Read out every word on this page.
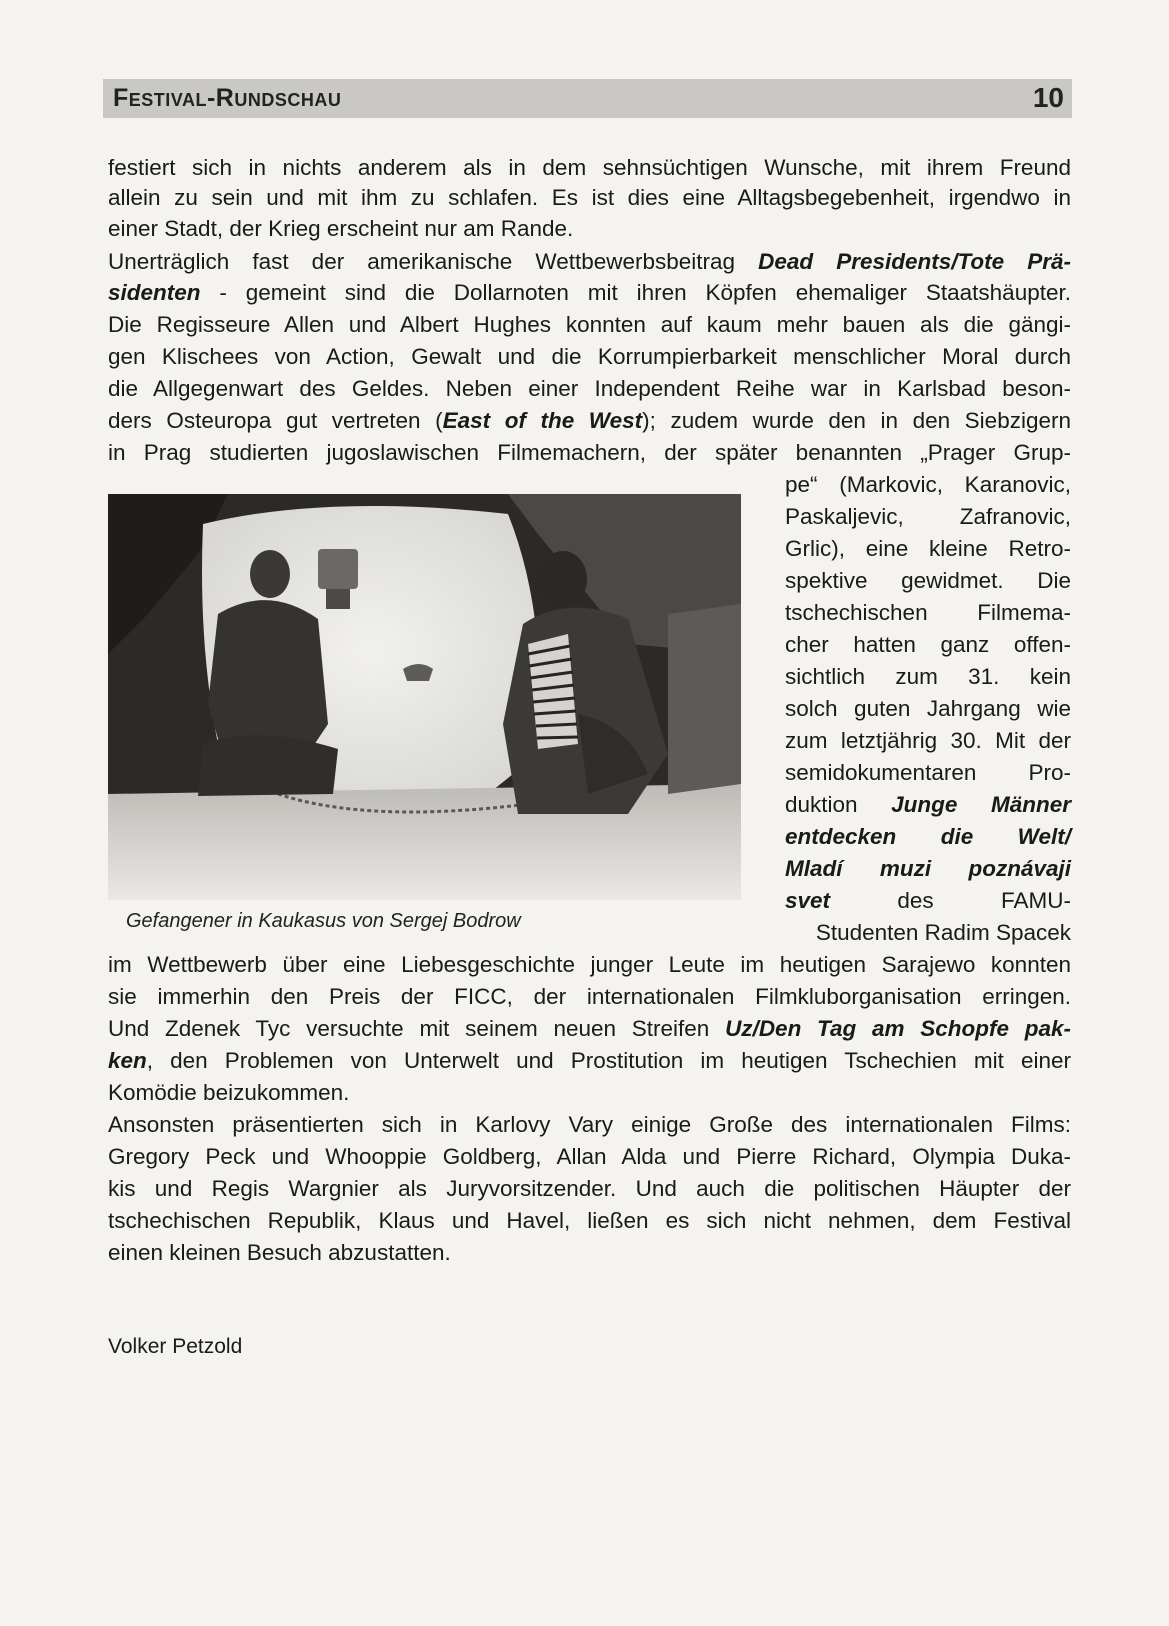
Festival-Rundschau	10
festiert sich in nichts anderem als in dem sehnsüchtigen Wunsche, mit ihrem Freund
allein zu sein und mit ihm zu schlafen. Es ist dies eine Alltagsbegebenheit, irgendwo in
einer Stadt, der Krieg erscheint nur am Rande.
Unerträglich fast der amerikanische Wettbewerbsbeitrag Dead Presidents/Tote Prä-
sidenten - gemeint sind die Dollarnoten mit ihren Köpfen ehemaliger Staatshäupter.
Die Regisseure Allen und Albert Hughes konnten auf kaum mehr bauen als die gängi-
gen Klischees von Action, Gewalt und die Korrumpierbarkeit menschlicher Moral durch
die Allgegenwart des Geldes. Neben einer Independent Reihe war in Karlsbad beson-
ders Osteuropa gut vertreten (East of the West); zudem wurde den in den Siebzigern
in Prag studierten jugoslawischen Filmemachern, der später benannten „Prager Grup-
Gefangener in Kaukasus von Sergej Bodrow
pe“ (Markovic, Karanovic,
Paskaljevic, Zafranovic,
Grlic), eine kleine Retro-
spektive gewidmet. Die
tschechischen Filmema-
cher hatten ganz offen-
sichtlich zum 31. kein
solch guten Jahrgang wie
zum letztjährig 30. Mit der
semidokumentaren Pro-
duktion Junge Männer
entdecken die Welt/
Mladí muzi poznávaji
svet des FAMU-
Studenten Radim Spacek
im Wettbewerb über eine Liebesgeschichte junger Leute im heutigen Sarajewo konnten
sie immerhin den Preis der FICC, der internationalen Filmkluborganisation erringen.
Und Zdenek Tyc versuchte mit seinem neuen Streifen Uz/Den Tag am Schopfe pak-
ken, den Problemen von Unterwelt und Prostitution im heutigen Tschechien mit einer
Komödie beizukommen.
Ansonsten präsentierten sich in Karlovy Vary einige Große des internationalen Films:
Gregory Peck und Whooppie Goldberg, Allan Alda und Pierre Richard, Olympia Duka-
kis und Regis Wargnier als Juryvorsitzender. Und auch die politischen Häupter der
tschechischen Republik, Klaus und Havel, ließen es sich nicht nehmen, dem Festival
einen kleinen Besuch abzustatten.
Volker Petzold
